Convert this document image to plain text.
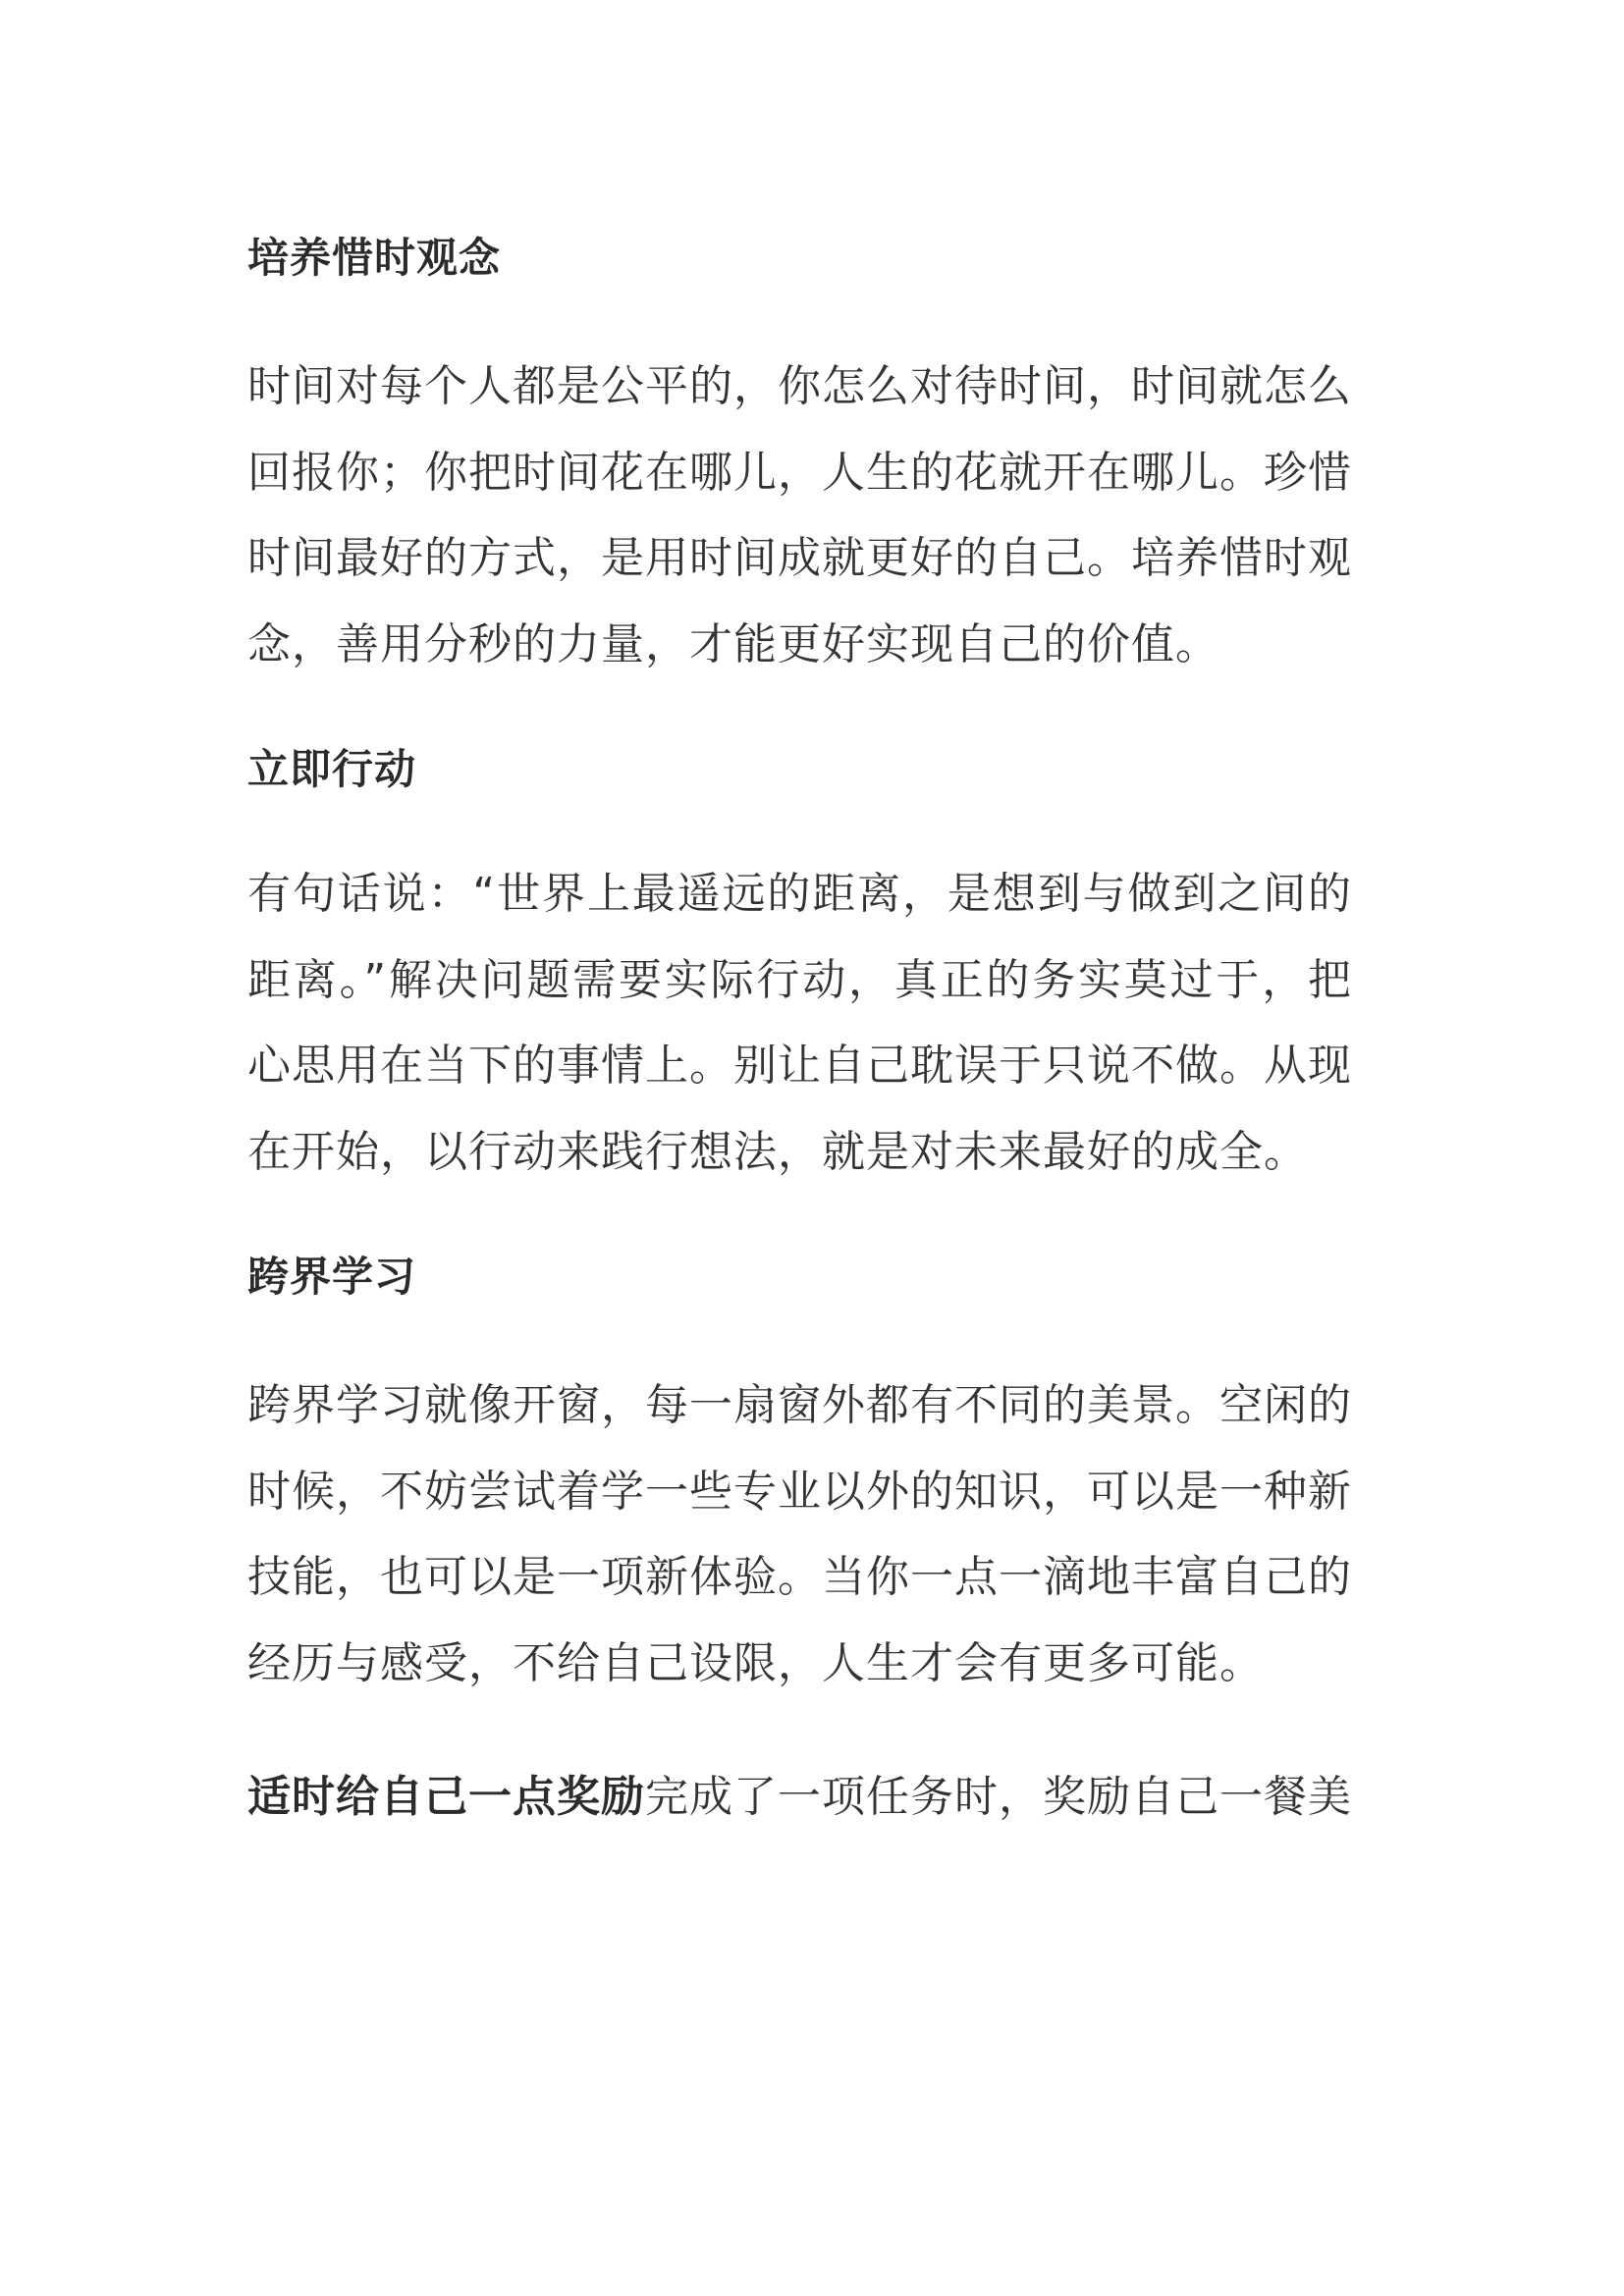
培养惜时观念

时间对每个人都是公平的，你怎么对待时间，时间就怎么
回报你；你把时间花在哪儿，人生的花就开在哪儿。珍惜
时间最好的方式，是用时间成就更好的自己。培养惜时观
念，善用分秒的力量，才能更好实现自己的价值。

立即行动

有句话说：“世界上最遥远的距离，是想到与做到之间的
距离。”解决问题需要实际行动，真正的务实莫过于，把
心思用在当下的事情上。别让自己耽误于只说不做。从现
在开始，以行动来践行想法，就是对未来最好的成全。

跨界学习

跨界学习就像开窗，每一扇窗外都有不同的美景。空闲的
时候，不妨尝试着学一些专业以外的知识，可以是一种新
技能，也可以是一项新体验。当你一点一滴地丰富自己的
经历与感受，不给自己设限，人生才会有更多可能。

适时给自己一点奖励完成了一项任务时，奖励自己一餐美
